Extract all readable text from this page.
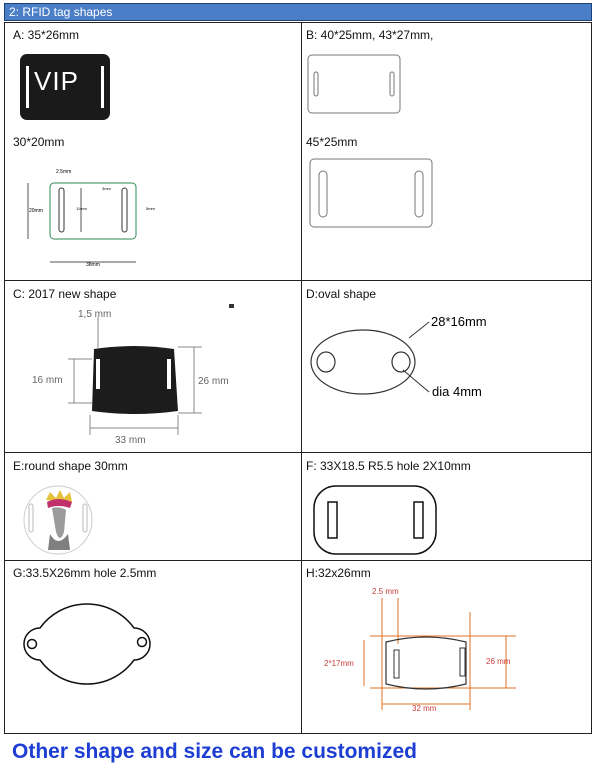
2: RFID tag shapes
A: 35*26mm
VIP
30*20mm
2.5mm
38mm
20mm	11mm
3mm
5mm
B: 40*25mm, 43*27mm,
45*25mm
C: 2017 new shape
1,5 mm
16 mm	26 mm
33 mm
D:oval shape
28*16mm
dia 4mm
E:round shape 30mm	F: 33X18.5 R5.5 hole 2X10mm
G:33.5X26mm hole 2.5mm	H:32x26mm
2.5 mm
2*17mm	26 mm
32 mm
Other shape and size can be customized
